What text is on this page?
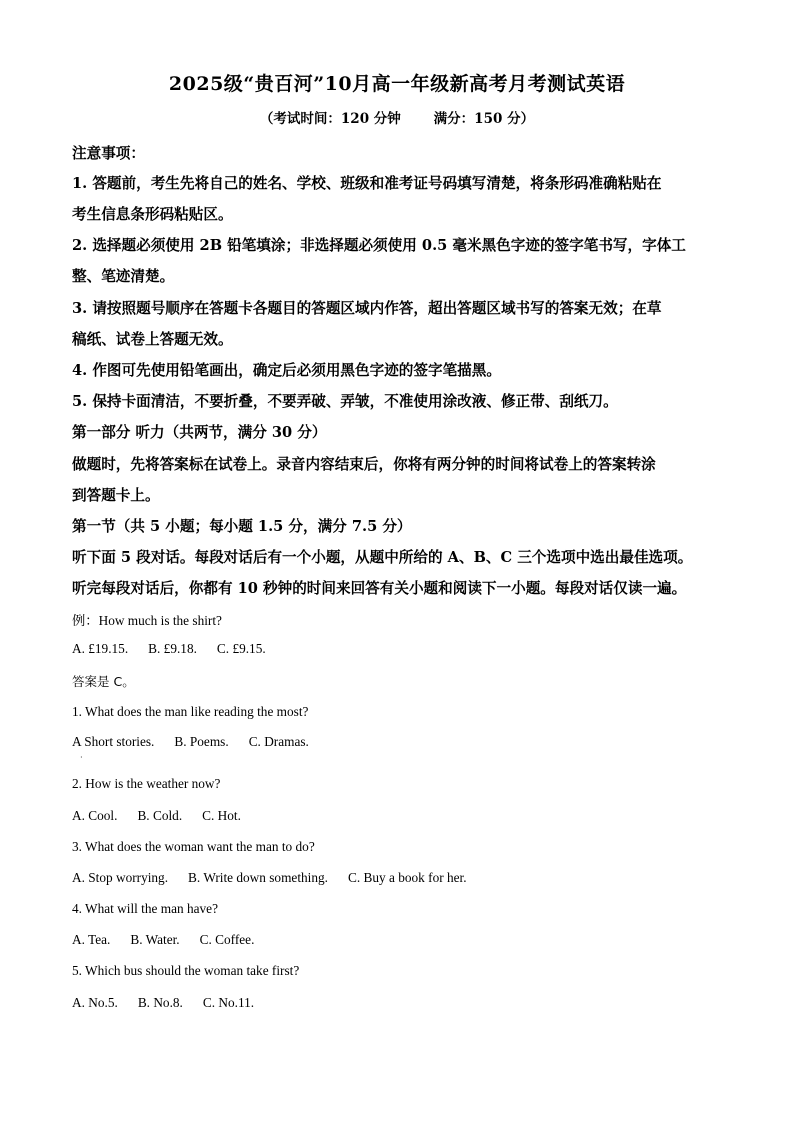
2025级“贵百河”10月高一年级新高考月考测试英语
（考试时间：120 分钟       满分：150 分）
注意事项：
1. 答题前，考生先将自己的姓名、学校、班级和准考证号码填写清楚，将条形码准确粘贴在
考生信息条形码粘贴区。
2. 选择题必须使用 2B 铅笔填涂；非选择题必须使用 0.5 毫米黑色字迹的签字笔书写，字体工
整、笔迹清楚。
3. 请按照题号顺序在答题卡各题目的答题区域内作答，超出答题区域书写的答案无效；在草
稿纸、试卷上答题无效。
4. 作图可先使用铅笔画出，确定后必须用黑色字迹的签字笔描黑。
5. 保持卡面清洁，不要折叠，不要弄破、弄皱，不准使用涂改液、修正带、刮纸刀。
第一部分 听力（共两节，满分 30 分）
做题时，先将答案标在试卷上。录音内容结束后，你将有两分钟的时间将试卷上的答案转涂
到答题卡上。
第一节（共 5 小题；每小题 1.5 分，满分 7.5 分）
听下面 5 段对话。每段对话后有一个小题，从题中所给的 A、B、C 三个选项中选出最佳选项。
听完每段对话后，你都有 10 秒钟的时间来回答有关小题和阅读下一小题。每段对话仅读一遍。
例：How much is the shirt?
A. £19.15. B. £9.18. C. £9.15.
答案是 C。
1. What does the man like reading the most?
A Short stories. B. Poems. C. Dramas.
·
2. How is the weather now?
A. Cool. B. Cold. C. Hot.
3. What does the woman want the man to do?
A. Stop worrying. B. Write down something. C. Buy a book for her.
4. What will the man have?
A. Tea. B. Water. C. Coffee.
5. Which bus should the woman take first?
A. No.5. B. No.8. C. No.11.
